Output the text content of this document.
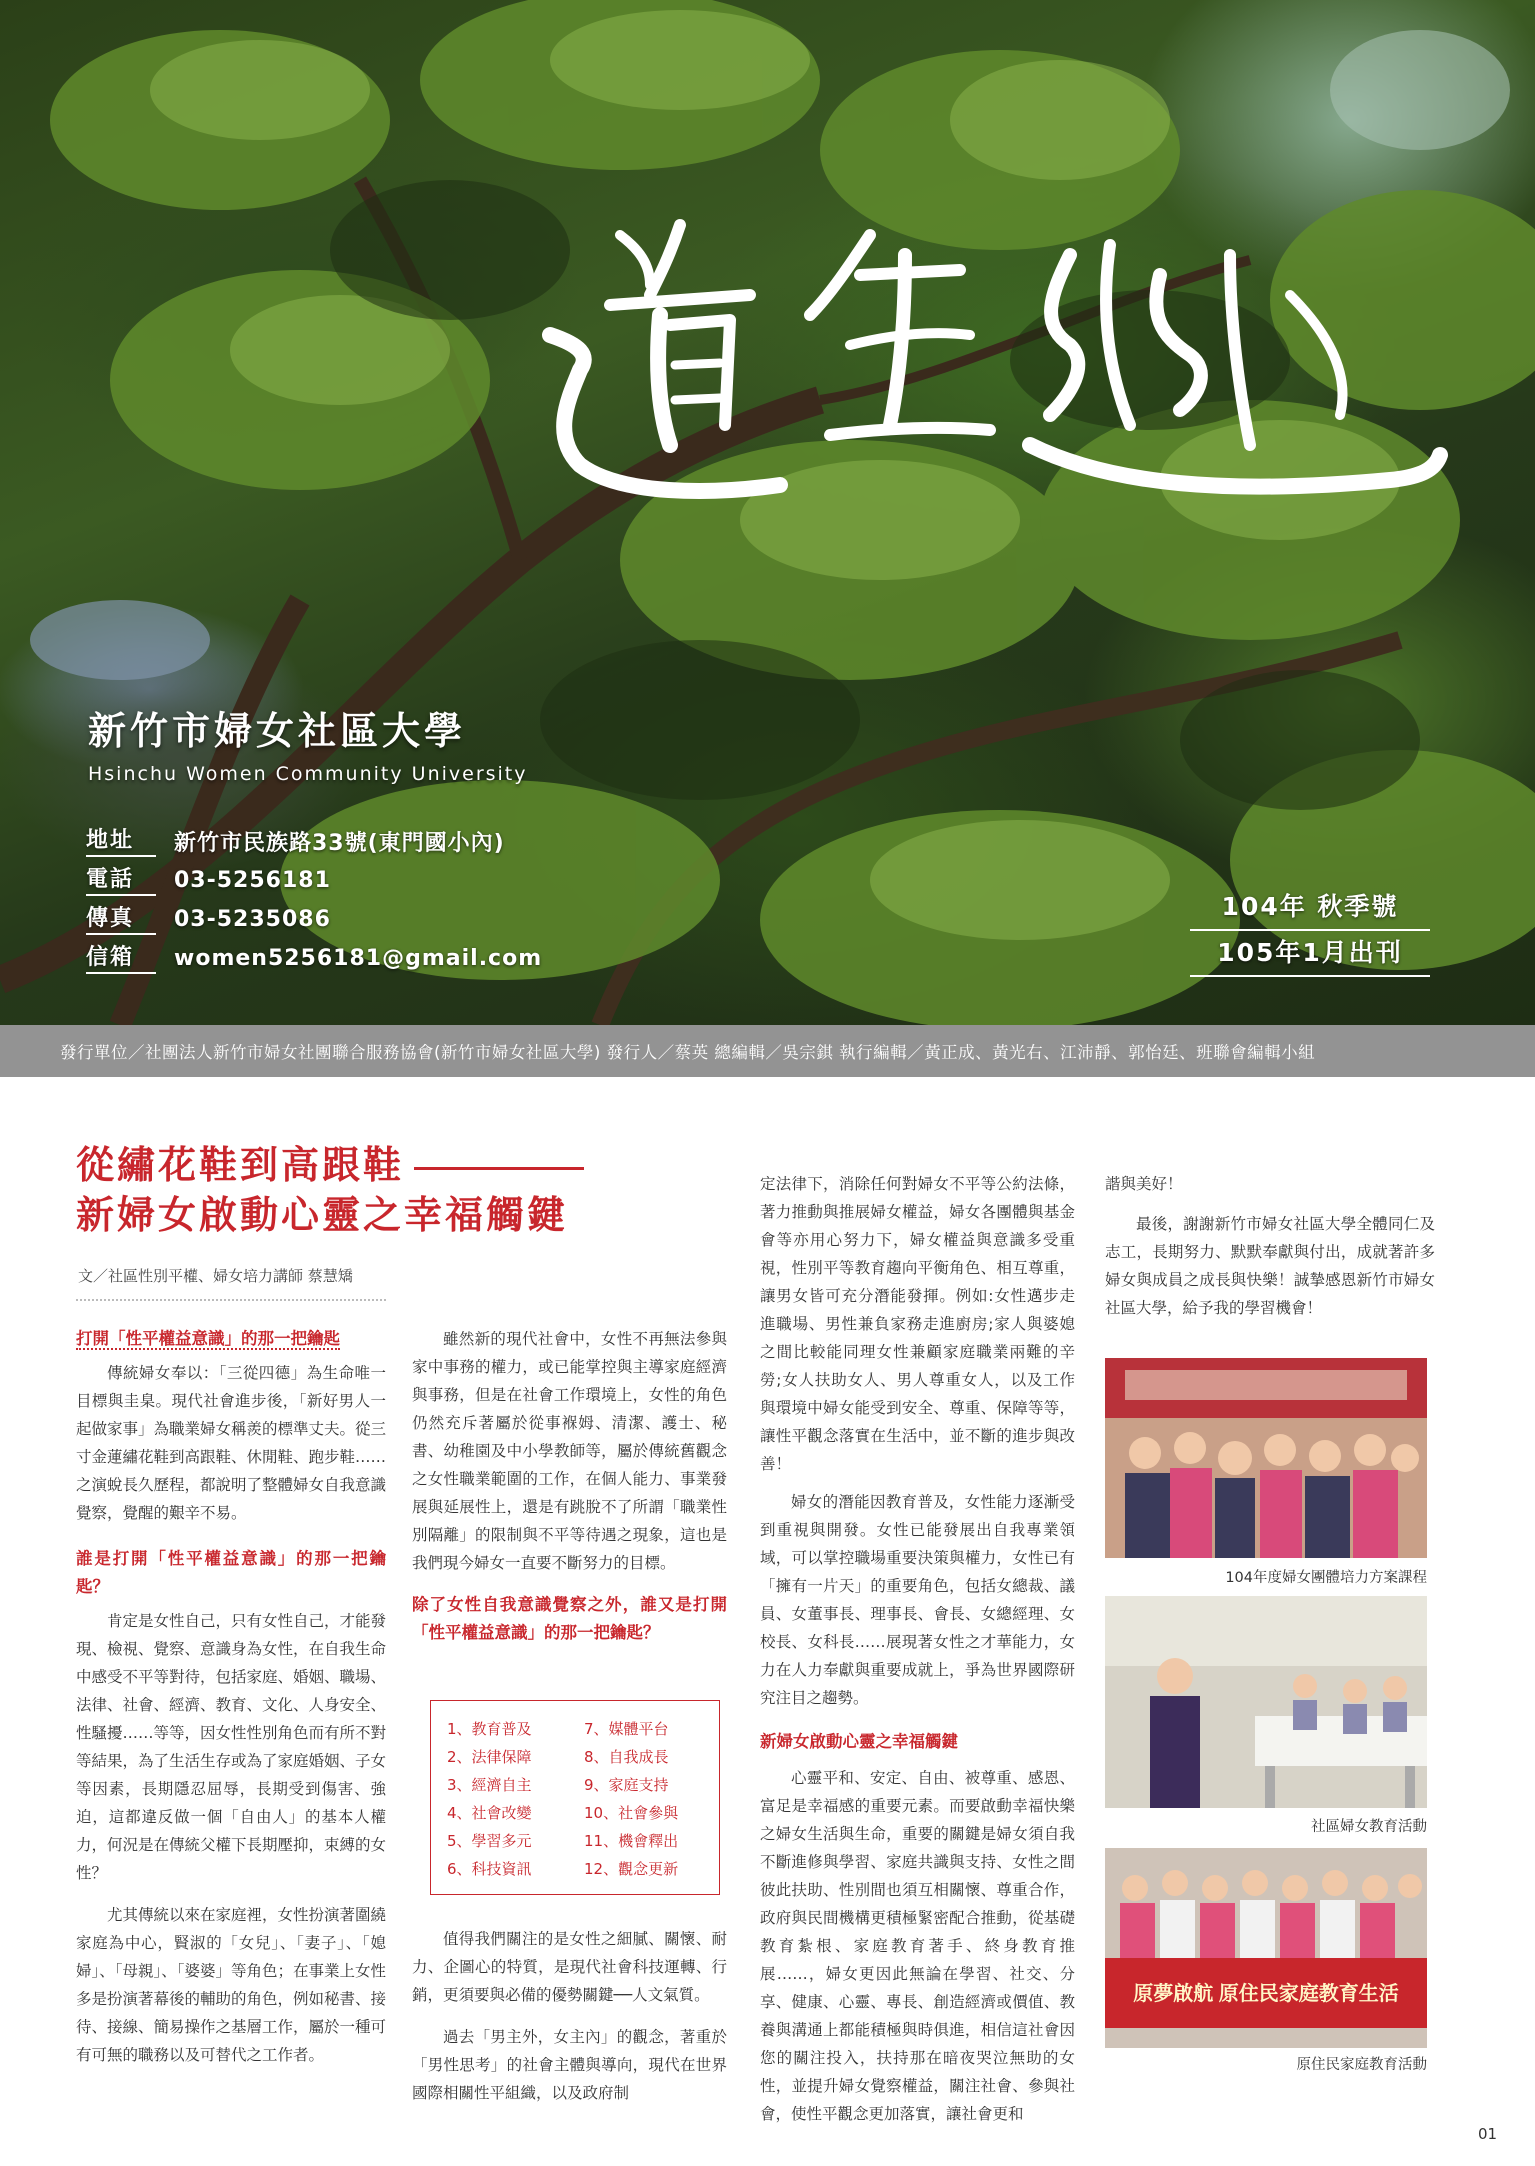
新竹市婦女社區大學
Hsinchu Women Community University
地址	新竹市民族路33號(東門國小內)
電話	03-5256181
傳真	03-5235086
信箱	women5256181@gmail.com
104年 秋季號
105年1月出刊
發行單位／社團法人新竹市婦女社團聯合服務協會(新竹市婦女社區大學) 發行人／蔡英 總編輯／吳宗錤 執行編輯／黃正成、黃光右、江沛靜、郭怡廷、班聯會編輯小組
從繡花鞋到高跟鞋
新婦女啟動心靈之幸福觸鍵
文／社區性別平權、婦女培力講師 蔡慧矯
打開「性平權益意識」的那一把鑰匙

傳統婦女奉以：「三從四德」為生命唯一目標與圭臬。現代社會進步後，「新好男人一起做家事」為職業婦女稱羨的標準丈夫。從三寸金蓮繡花鞋到高跟鞋、休閒鞋、跑步鞋……之演蛻長久歷程，都說明了整體婦女自我意識覺察，覺醒的艱辛不易。

誰是打開「性平權益意識」的那一把鑰匙？

肯定是女性自己，只有女性自己，才能發現、檢視、覺察、意識身為女性，在自我生命中感受不平等對待，包括家庭、婚姻、職場、法律、社會、經濟、教育、文化、人身安全、性騷擾……等等，因女性性別角色而有所不對等結果，為了生活生存或為了家庭婚姻、子女等因素，長期隱忍屈辱，長期受到傷害、強迫，這都違反做一個「自由人」的基本人權力，何況是在傳統父權下長期壓抑，束縛的女性？

尤其傳統以來在家庭裡，女性扮演著圍繞家庭為中心，賢淑的「女兒」、「妻子」、「媳婦」、「母親」、「婆婆」等角色；在事業上女性多是扮演著幕後的輔助的角色，例如秘書、接待、接線、簡易操作之基層工作，屬於一種可有可無的職務以及可替代之工作者。

雖然新的現代社會中，女性不再無法參與家中事務的權力，或已能掌控與主導家庭經濟與事務，但是在社會工作環境上，女性的角色仍然充斥著屬於從事褓姆、清潔、護士、秘書、幼稚園及中小學教師等，屬於傳統舊觀念之女性職業範圍的工作，在個人能力、事業發展與延展性上，還是有跳脫不了所謂「職業性別隔離」的限制與不平等待遇之現象，這也是我們現今婦女一直要不斷努力的目標。

除了女性自我意識覺察之外，誰又是打開「性平權益意識」的那一把鑰匙？
1、教育普及
2、法律保障
3、經濟自主
4、社會改變
5、學習多元
6、科技資訊
7、媒體平台
8、自我成長
9、家庭支持
10、社會參與
11、機會釋出
12、觀念更新

值得我們關注的是女性之細膩、關懷、耐力、企圖心的特質，是現代社會科技運轉、行銷，更須要與必備的優勢關鍵──人文氣質。

過去「男主外，女主內」的觀念，著重於「男性思考」的社會主體與導向，現代在世界國際相關性平組織，以及政府制

定法律下，消除任何對婦女不平等公約法條，著力推動與推展婦女權益，婦女各團體與基金會等亦用心努力下，婦女權益與意識多受重視，性別平等教育趨向平衡角色、相互尊重，讓男女皆可充分潛能發揮。例如:女性邁步走進職場、男性兼負家務走進廚房;家人與婆媳之間比較能同理女性兼顧家庭職業兩難的辛勞;女人扶助女人、男人尊重女人，以及工作與環境中婦女能受到安全、尊重、保障等等，讓性平觀念落實在生活中，並不斷的進步與改善！

婦女的潛能因教育普及，女性能力逐漸受到重視與開發。女性已能發展出自我專業領域，可以掌控職場重要決策與權力，女性已有「擁有一片天」的重要角色，包括女總裁、議員、女董事長、理事長、會長、女總經理、女校長、女科長……展現著女性之才華能力，女力在人力奉獻與重要成就上，爭為世界國際研究注目之趨勢。

新婦女啟動心靈之幸福觸鍵

心靈平和、安定、自由、被尊重、感恩、富足是幸福感的重要元素。而要啟動幸福快樂之婦女生活與生命，重要的關鍵是婦女須自我不斷進修與學習、家庭共識與支持、女性之間彼此扶助、性別間也須互相關懷、尊重合作，政府與民間機構更積極緊密配合推動，從基礎教育紮根、家庭教育著手、終身教育推展……，婦女更因此無論在學習、社交、分享、健康、心靈、專長、創造經濟或價值、教養與溝通上都能積極與時俱進，相信這社會因您的關注投入，扶持那在暗夜哭泣無助的女性，並提升婦女覺察權益，關注社會、參與社會，使性平觀念更加落實，讓社會更和

諧與美好！

最後，謝謝新竹市婦女社區大學全體同仁及志工，長期努力、默默奉獻與付出，成就著許多婦女與成員之成長與快樂！誠摯感恩新竹市婦女社區大學，給予我的學習機會！

104年度婦女團體培力方案課程
社區婦女教育活動
原夢啟航 原住民家庭教育生活
原住民家庭教育活動
01
